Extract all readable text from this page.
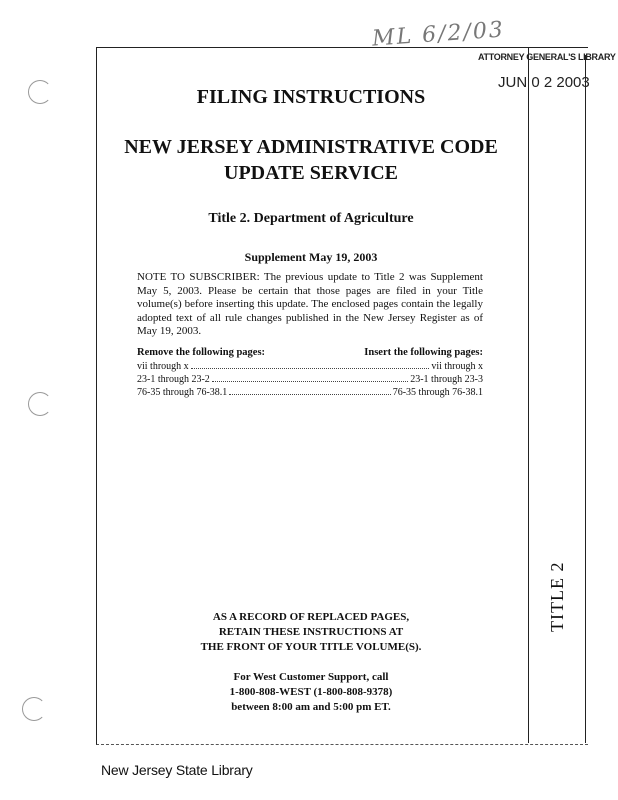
ML 6/2/03
ATTORNEY GENERAL'S LIBRARY
JUN 0 2 2003
FILING INSTRUCTIONS
NEW JERSEY ADMINISTRATIVE CODE
UPDATE SERVICE
Title 2. Department of Agriculture
Supplement May 19, 2003
NOTE TO SUBSCRIBER: The previous update to Title 2 was Supplement May 5, 2003. Please be certain that those pages are filed in your Title volume(s) before inserting this update. The enclosed pages contain the legally adopted text of all rule changes published in the New Jersey Register as of May 19, 2003.
Remove the following pages:	Insert the following pages:
vii through x	vii through x
23-1 through 23-2	23-1 through 23-3
76-35 through 76-38.1	76-35 through 76-38.1
AS A RECORD OF REPLACED PAGES,
RETAIN THESE INSTRUCTIONS AT
THE FRONT OF YOUR TITLE VOLUME(S).
For West Customer Support, call
1-800-808-WEST (1-800-808-9378)
between 8:00 am and 5:00 pm ET.
TITLE 2
New Jersey State Library
